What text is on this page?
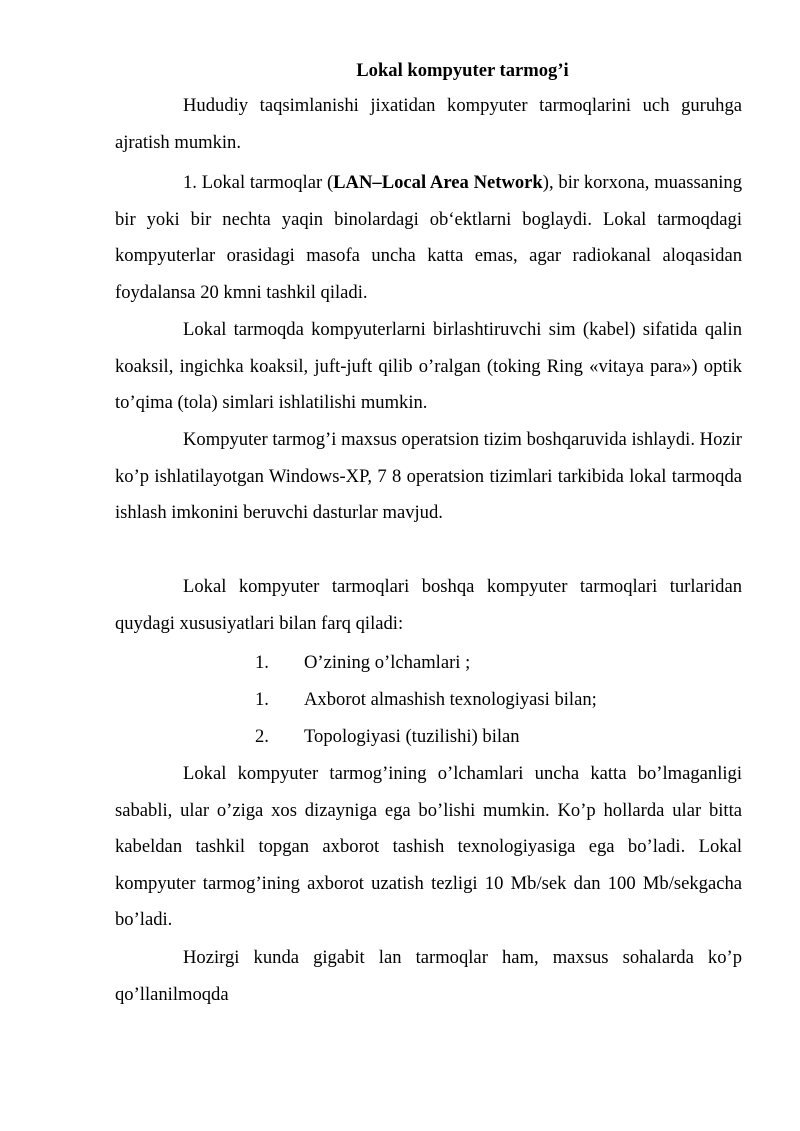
Lokal kompyuter tarmog’i

Hududiy taqsimlanishi jixatidan kompyuter tarmoqlarini uch guruhga ajratish mumkin.

1. Lokal tarmoqlar (LAN–Local Area Network), bir korxona, muassaning bir yoki bir nechta yaqin binolardagi ob‘ektlarni boglaydi. Lokal tarmoqdagi kompyuterlar orasidagi masofa uncha katta emas, agar radiokanal aloqasidan foydalansa 20 kmni tashkil qiladi.

Lokal tarmoqda kompyuterlarni birlashtiruvchi sim (kabel) sifatida qalin koaksil, ingichka koaksil, juft-juft qilib o’ralgan (toking Ring «vitaya para») optik to’qima (tola) simlari ishlatilishi mumkin.

Kompyuter tarmog’i maxsus operatsion tizim boshqaruvida ishlaydi. Hozir ko’p ishlatilayotgan Windows-XP, 7 8 operatsion tizimlari tarkibida lokal tarmoqda ishlash imkonini beruvchi dasturlar mavjud.

Lokal kompyuter tarmoqlari boshqa kompyuter tarmoqlari turlaridan quydagi xususiyatlari bilan farq qiladi:

1. O’zining o’lchamlari ;
1. Axborot almashish texnologiyasi bilan;
2. Topologiyasi (tuzilishi) bilan

Lokal kompyuter tarmog’ining o’lchamlari uncha katta bo’lmaganligi sababli, ular o’ziga xos dizayniga ega bo’lishi mumkin. Ko’p hollarda ular bitta kabeldan tashkil topgan axborot tashish texnologiyasiga ega bo’ladi. Lokal kompyuter tarmog’ining axborot uzatish tezligi 10 Mb/sek dan 100 Mb/sekgacha bo’ladi.

Hozirgi kunda gigabit lan tarmoqlar ham, maxsus sohalarda ko’p qo’llanilmoqda
